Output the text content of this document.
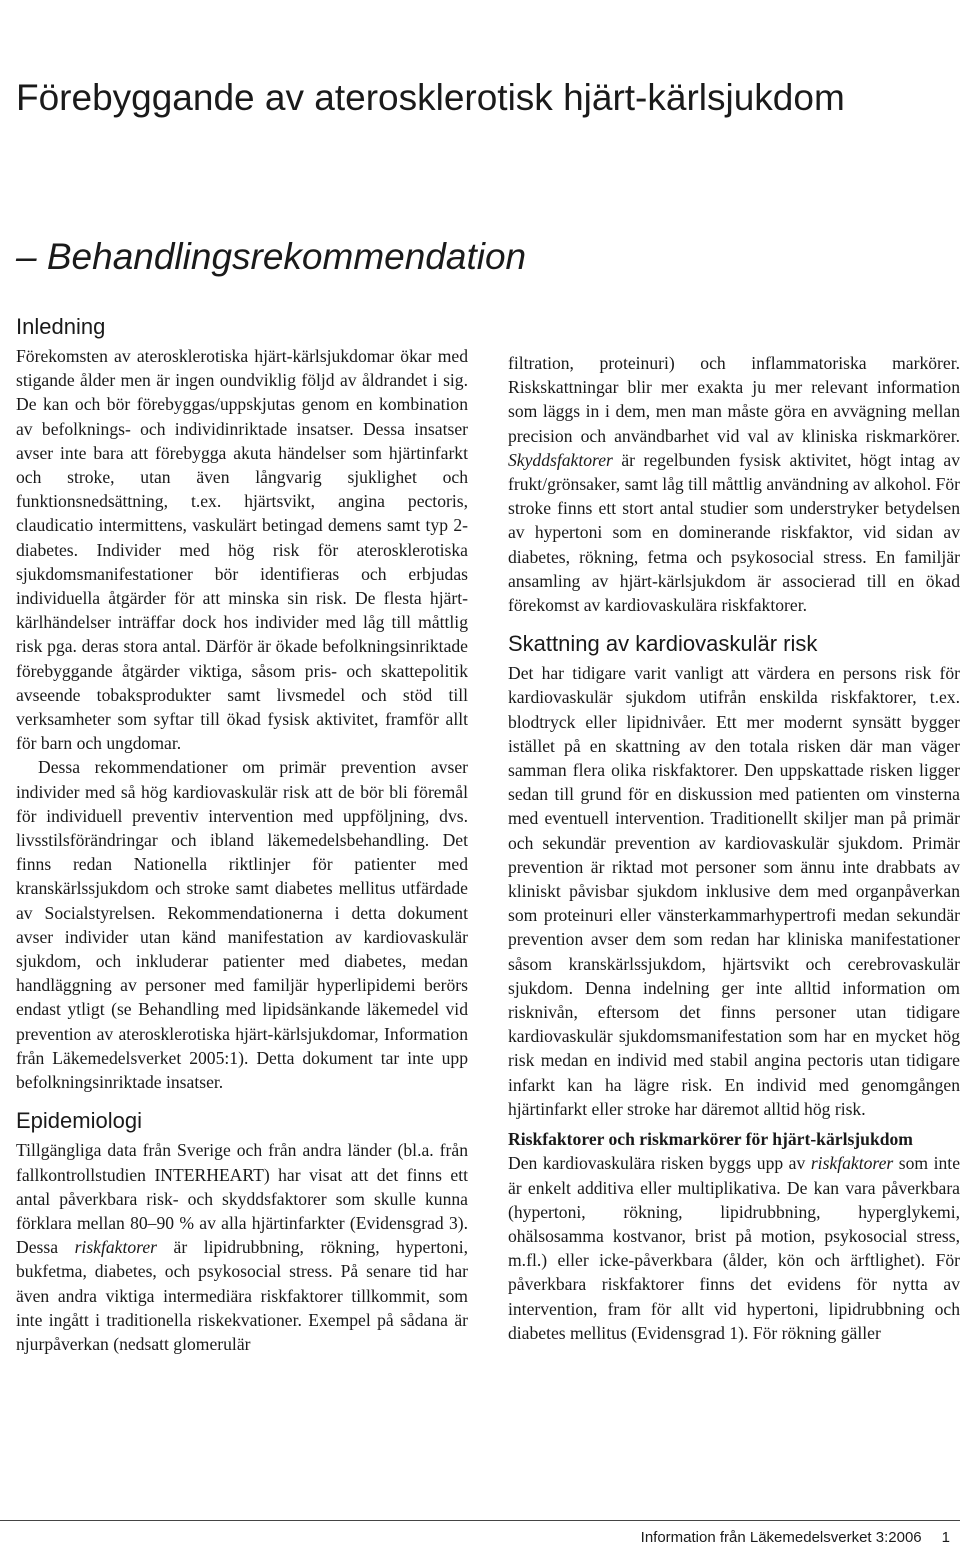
Förebyggande av aterosklerotisk hjärt-kärlsjukdom
– Behandlingsrekommendation
Inledning

Förekomsten av aterosklerotiska hjärt-kärlsjukdomar ökar med stigande ålder men är ingen oundviklig följd av åldrandet i sig. De kan och bör förebyggas/uppskjutas genom en kombination av befolknings- och individinriktade insatser. Dessa insatser avser inte bara att förebygga akuta händelser som hjärtinfarkt och stroke, utan även långvarig sjuklighet och funktionsnedsättning, t.ex. hjärtsvikt, angina pectoris, claudicatio intermittens, vaskulärt betingad demens samt typ 2- diabetes. Individer med hög risk för aterosklerotiska sjukdomsmanifestationer bör identifieras och erbjudas individuella åtgärder för att minska sin risk. De flesta hjärt-kärlhändelser inträffar dock hos individer med låg till måttlig risk pga. deras stora antal. Därför är ökade befolkningsinriktade förebyggande åtgärder viktiga, såsom pris- och skattepolitik avseende tobaksprodukter samt livsmedel och stöd till verksamheter som syftar till ökad fysisk aktivitet, framför allt för barn och ungdomar.

Dessa rekommendationer om primär prevention avser individer med så hög kardiovaskulär risk att de bör bli föremål för individuell preventiv intervention med uppföljning, dvs. livsstilsförändringar och ibland läkemedelsbehandling. Det finns redan Nationella riktlinjer för patienter med kranskärlssjukdom och stroke samt diabetes mellitus utfärdade av Socialstyrelsen. Rekommendationerna i detta dokument avser individer utan känd manifestation av kardiovaskulär sjukdom, och inkluderar patienter med diabetes, medan handläggning av personer med familjär hyperlipidemi berörs endast ytligt (se Behandling med lipidsänkande läkemedel vid prevention av aterosklerotiska hjärt-kärlsjukdomar, Information från Läkemedelsverket 2005:1). Detta dokument tar inte upp befolkningsinriktade insatser.

Epidemiologi

Tillgängliga data från Sverige och från andra länder (bl.a. från fallkontrollstudien INTERHEART) har visat att det finns ett antal påverkbara risk- och skyddsfaktorer som skulle kunna förklara mellan 80–90 % av alla hjärtinfarkter (Evidensgrad 3). Dessa riskfaktorer är lipidrubbning, rökning, hypertoni, bukfetma, diabetes, och psykosocial stress. På senare tid har även andra viktiga intermediära riskfaktorer tillkommit, som inte ingått i traditionella riskekvationer. Exempel på sådana är njurpåverkan (nedsatt glomerulär

filtration, proteinuri) och inflammatoriska markörer. Riskskattningar blir mer exakta ju mer relevant information som läggs in i dem, men man måste göra en avvägning mellan precision och användbarhet vid val av kliniska riskmarkörer. Skyddsfaktorer är regelbunden fysisk aktivitet, högt intag av frukt/grönsaker, samt låg till måttlig användning av alkohol. För stroke finns ett stort antal studier som understryker betydelsen av hypertoni som en dominerande riskfaktor, vid sidan av diabetes, rökning, fetma och psykosocial stress. En familjär ansamling av hjärt-kärlsjukdom är associerad till en ökad förekomst av kardiovaskulära riskfaktorer.

Skattning av kardiovaskulär risk

Det har tidigare varit vanligt att värdera en persons risk för kardiovaskulär sjukdom utifrån enskilda riskfaktorer, t.ex. blodtryck eller lipidnivåer. Ett mer modernt synsätt bygger istället på en skattning av den totala risken där man väger samman flera olika riskfaktorer. Den uppskattade risken ligger sedan till grund för en diskussion med patienten om vinsterna med eventuell intervention. Traditionellt skiljer man på primär och sekundär prevention av kardiovaskulär sjukdom. Primär prevention är riktad mot personer som ännu inte drabbats av kliniskt påvisbar sjukdom inklusive dem med organpåverkan som proteinuri eller vänsterkammarhypertrofi medan sekundär prevention avser dem som redan har kliniska manifestationer såsom kranskärlssjukdom, hjärtsvikt och cerebrovaskulär sjukdom. Denna indelning ger inte alltid information om risknivån, eftersom det finns personer utan tidigare kardiovaskulär sjukdomsmanifestation som har en mycket hög risk medan en individ med stabil angina pectoris utan tidigare infarkt kan ha lägre risk. En individ med genomgången hjärtinfarkt eller stroke har däremot alltid hög risk.

Riskfaktorer och riskmarkörer för hjärt-kärlsjukdom

Den kardiovaskulära risken byggs upp av riskfaktorer som inte är enkelt additiva eller multiplikativa. De kan vara påverkbara (hypertoni, rökning, lipidrubbning, hyperglykemi, ohälsosamma kostvanor, brist på motion, psykosocial stress, m.fl.) eller icke-påverkbara (ålder, kön och ärftlighet). För påverkbara riskfaktorer finns det evidens för nytta av intervention, fram för allt vid hypertoni, lipidrubbning och diabetes mellitus (Evidensgrad 1). För rökning gäller

Information från Läkemedelsverket 3:2006 1
